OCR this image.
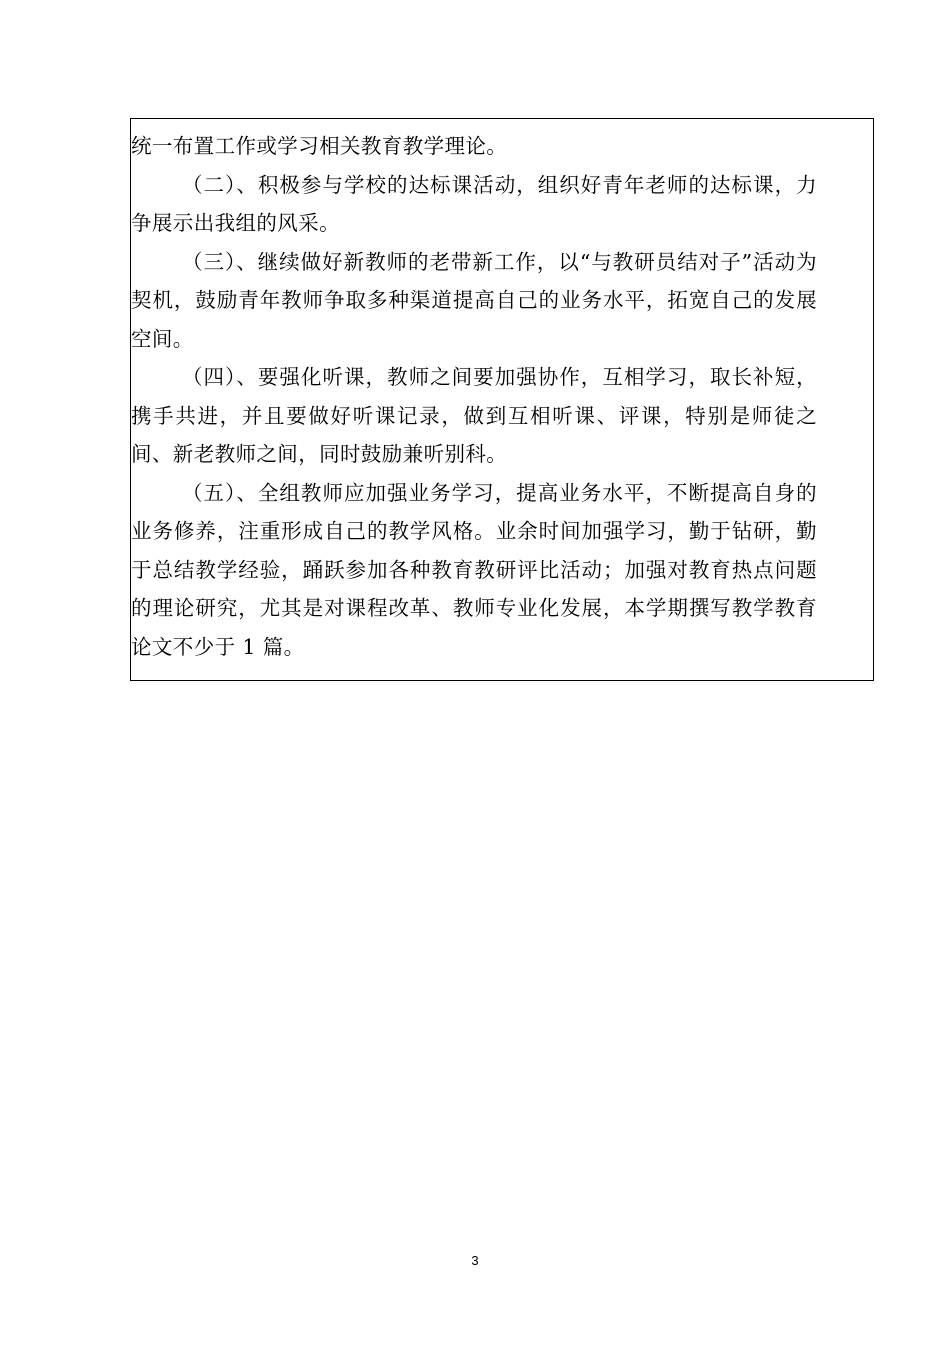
统一布置工作或学习相关教育教学理论。

（二）、积极参与学校的达标课活动，组织好青年老师的达标课，力争展示出我组的风采。

（三）、继续做好新教师的老带新工作，以“与教研员结对子”活动为契机，鼓励青年教师争取多种渠道提高自己的业务水平，拓宽自己的发展空间。

（四）、要强化听课，教师之间要加强协作，互相学习，取长补短，携手共进，并且要做好听课记录，做到互相听课、评课，特别是师徒之间、新老教师之间，同时鼓励兼听别科。

（五）、全组教师应加强业务学习，提高业务水平，不断提高自身的业务修养，注重形成自己的教学风格。业余时间加强学习，勤于钻研，勤于总结教学经验，踊跃参加各种教育教研评比活动；加强对教育热点问题的理论研究，尤其是对课程改革、教师专业化发展，本学期撰写教学教育论文不少于 1 篇。

3
